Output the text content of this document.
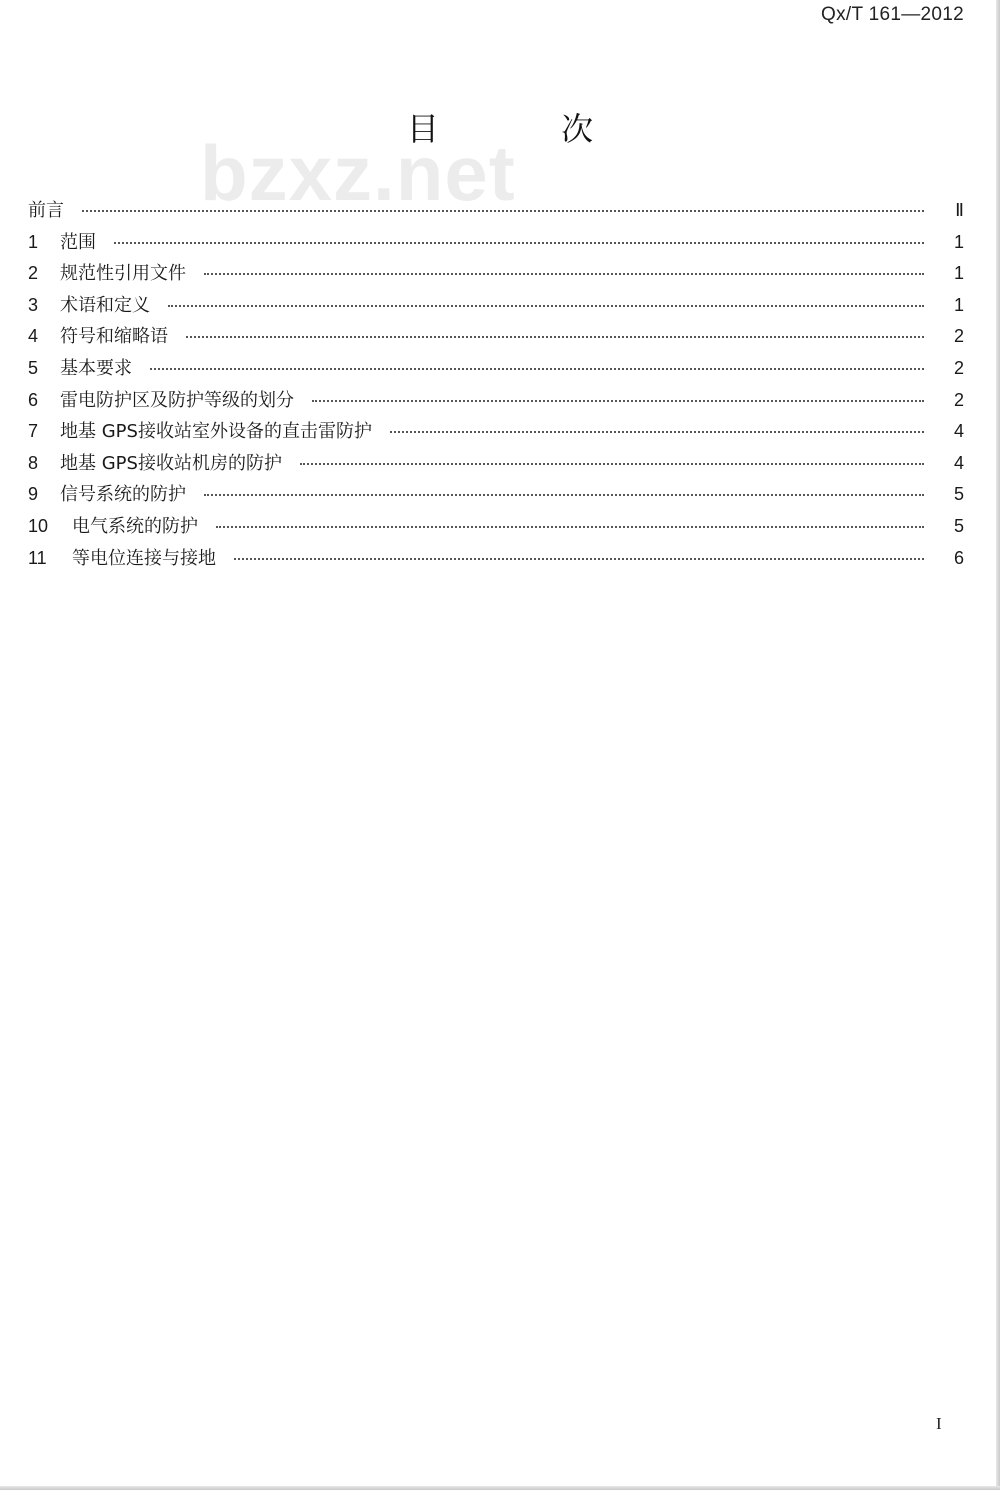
Qx/T 161—2012
bzxz.net
目 次
前言	Ⅱ
1	范围	1
2	规范性引用文件	1
3	术语和定义	1
4	符号和缩略语	2
5	基本要求	2
6	雷电防护区及防护等级的划分	2
7	地基 GPS接收站室外设备的直击雷防护	4
8	地基 GPS接收站机房的防护	4
9	信号系统的防护	5
10	电气系统的防护	5
11	等电位连接与接地	6
I
